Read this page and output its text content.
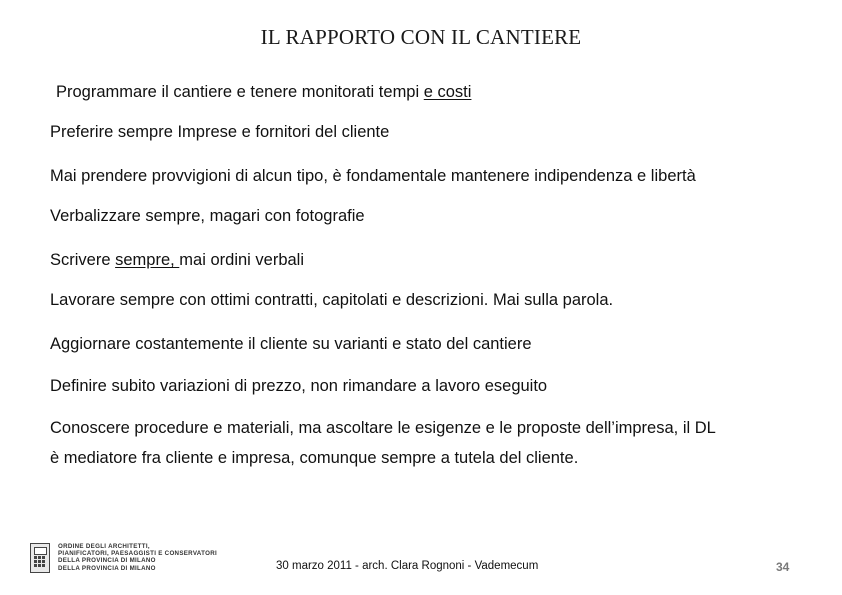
IL RAPPORTO CON IL CANTIERE
Programmare il cantiere e tenere monitorati tempi e costi
Preferire sempre Imprese e fornitori del cliente
Mai prendere provvigioni di alcun tipo, è fondamentale mantenere indipendenza e libertà
Verbalizzare sempre, magari con fotografie
Scrivere sempre, mai ordini verbali
Lavorare sempre con ottimi contratti, capitolati e descrizioni. Mai sulla parola.
Aggiornare costantemente il cliente su varianti e stato del cantiere
Definire subito variazioni di prezzo, non rimandare a lavoro eseguito
Conoscere procedure e materiali, ma ascoltare le esigenze e le proposte dell’impresa, il DL
è mediatore fra cliente e impresa, comunque sempre a tutela del cliente.
ORDINE DEGLI ARCHITETTI,
PIANIFICATORI, PAESAGGISTI E CONSERVATORI
DELLA PROVINCIA DI MILANO
DELLA PROVINCIA DI MILANO	30 marzo 2011 - arch. Clara Rognoni - Vademecum	34
